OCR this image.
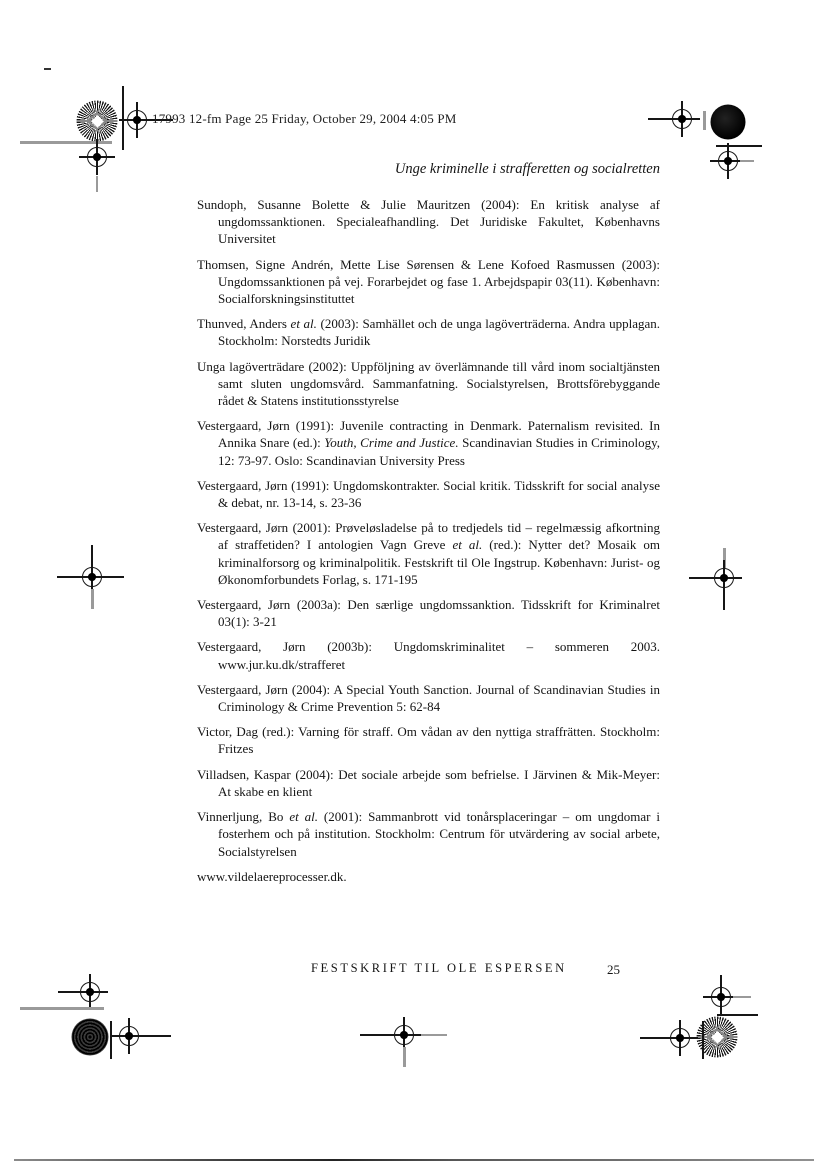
17993 12-fm Page 25 Friday, October 29, 2004 4:05 PM
Unge kriminelle i strafferetten og socialretten

Sundoph, Susanne Bolette & Julie Mauritzen (2004): En kritisk analyse af ungdomssanktionen. Specialeafhandling. Det Juridiske Fakultet, Københavns Universitet

Thomsen, Signe Andrén, Mette Lise Sørensen & Lene Kofoed Rasmussen (2003): Ungdomssanktionen på vej. Forarbejdet og fase 1. Arbejdspapir 03(11). København: Socialforskningsinstituttet

Thunved, Anders et al. (2003): Samhället och de unga lagöverträderna. Andra upplagan. Stockholm: Norstedts Juridik

Unga lagöverträdare (2002): Uppföljning av överlämnande till vård inom socialtjänsten samt sluten ungdomsvård. Sammanfatning. Socialstyrelsen, Brottsförebyggande rådet & Statens institutionsstyrelse

Vestergaard, Jørn (1991): Juvenile contracting in Denmark. Paternalism revisited. In Annika Snare (ed.): Youth, Crime and Justice. Scandinavian Studies in Criminology, 12: 73-97. Oslo: Scandinavian University Press

Vestergaard, Jørn (1991): Ungdomskontrakter. Social kritik. Tidsskrift for social analyse & debat, nr. 13-14, s. 23-36

Vestergaard, Jørn (2001): Prøveløsladelse på to tredjedels tid – regelmæssig afkortning af straffetiden? I antologien Vagn Greve et al. (red.): Nytter det? Mosaik om kriminalforsorg og kriminalpolitik. Festskrift til Ole Ingstrup. København: Jurist- og Økonomforbundets Forlag, s. 171-195

Vestergaard, Jørn (2003a): Den særlige ungdomssanktion. Tidsskrift for Kriminalret 03(1): 3-21

Vestergaard, Jørn (2003b): Ungdomskriminalitet – sommeren 2003. www.jur.ku.dk/strafferet

Vestergaard, Jørn (2004): A Special Youth Sanction. Journal of Scandinavian Studies in Criminology & Crime Prevention 5: 62-84

Victor, Dag (red.): Varning för straff. Om vådan av den nyttiga straffrätten. Stockholm: Fritzes

Villadsen, Kaspar (2004): Det sociale arbejde som befrielse. I Järvinen & Mik-Meyer: At skabe en klient

Vinnerljung, Bo et al. (2001): Sammanbrott vid tonårsplaceringar – om ungdomar i fosterhem och på institution. Stockholm: Centrum för utvärdering av social arbete, Socialstyrelsen

www.vildelaereprocesser.dk.

FESTSKRIFT TIL OLE ESPERSEN	25
